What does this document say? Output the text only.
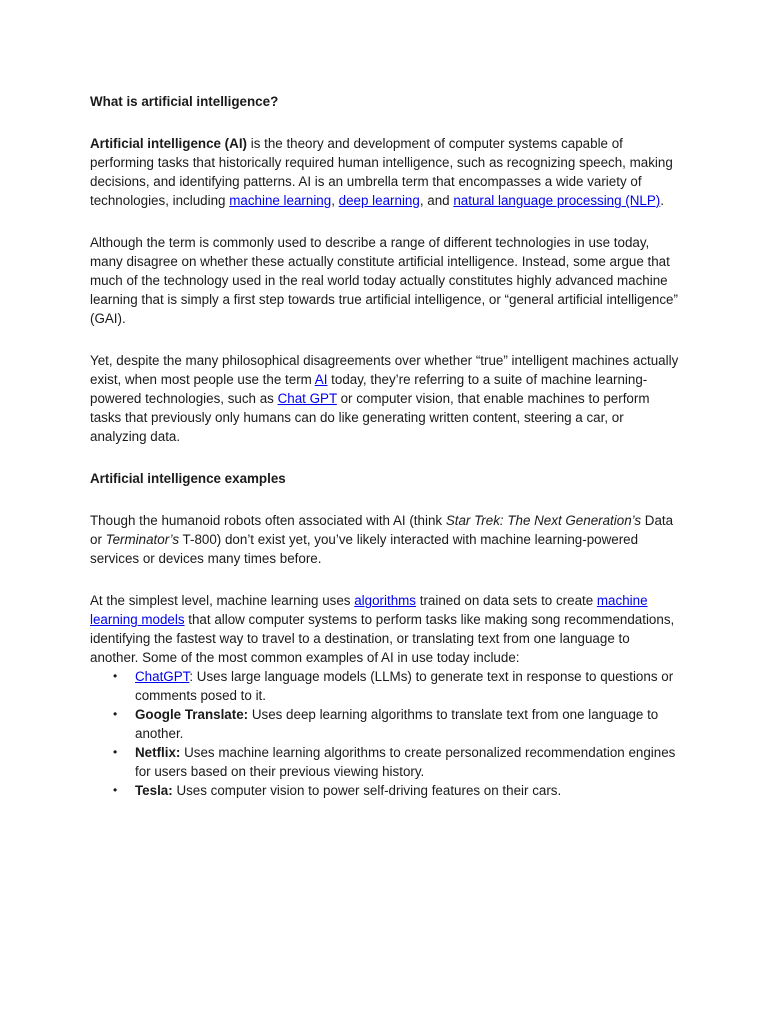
What is artificial intelligence?

Artificial intelligence (AI) is the theory and development of computer systems capable of performing tasks that historically required human intelligence, such as recognizing speech, making decisions, and identifying patterns. AI is an umbrella term that encompasses a wide variety of technologies, including machine learning, deep learning, and natural language processing (NLP).

Although the term is commonly used to describe a range of different technologies in use today, many disagree on whether these actually constitute artificial intelligence. Instead, some argue that much of the technology used in the real world today actually constitutes highly advanced machine learning that is simply a first step towards true artificial intelligence, or “general artificial intelligence” (GAI).

Yet, despite the many philosophical disagreements over whether “true” intelligent machines actually exist, when most people use the term AI today, they’re referring to a suite of machine learning-powered technologies, such as Chat GPT or computer vision, that enable machines to perform tasks that previously only humans can do like generating written content, steering a car, or analyzing data.

Artificial intelligence examples

Though the humanoid robots often associated with AI (think Star Trek: The Next Generation’s Data or Terminator’s T-800) don’t exist yet, you’ve likely interacted with machine learning-powered services or devices many times before.

At the simplest level, machine learning uses algorithms trained on data sets to create machine learning models that allow computer systems to perform tasks like making song recommendations, identifying the fastest way to travel to a destination, or translating text from one language to another. Some of the most common examples of AI in use today include:

• ChatGPT: Uses large language models (LLMs) to generate text in response to questions or comments posed to it.
• Google Translate: Uses deep learning algorithms to translate text from one language to another.
• Netflix: Uses machine learning algorithms to create personalized recommendation engines for users based on their previous viewing history.
• Tesla: Uses computer vision to power self-driving features on their cars.
